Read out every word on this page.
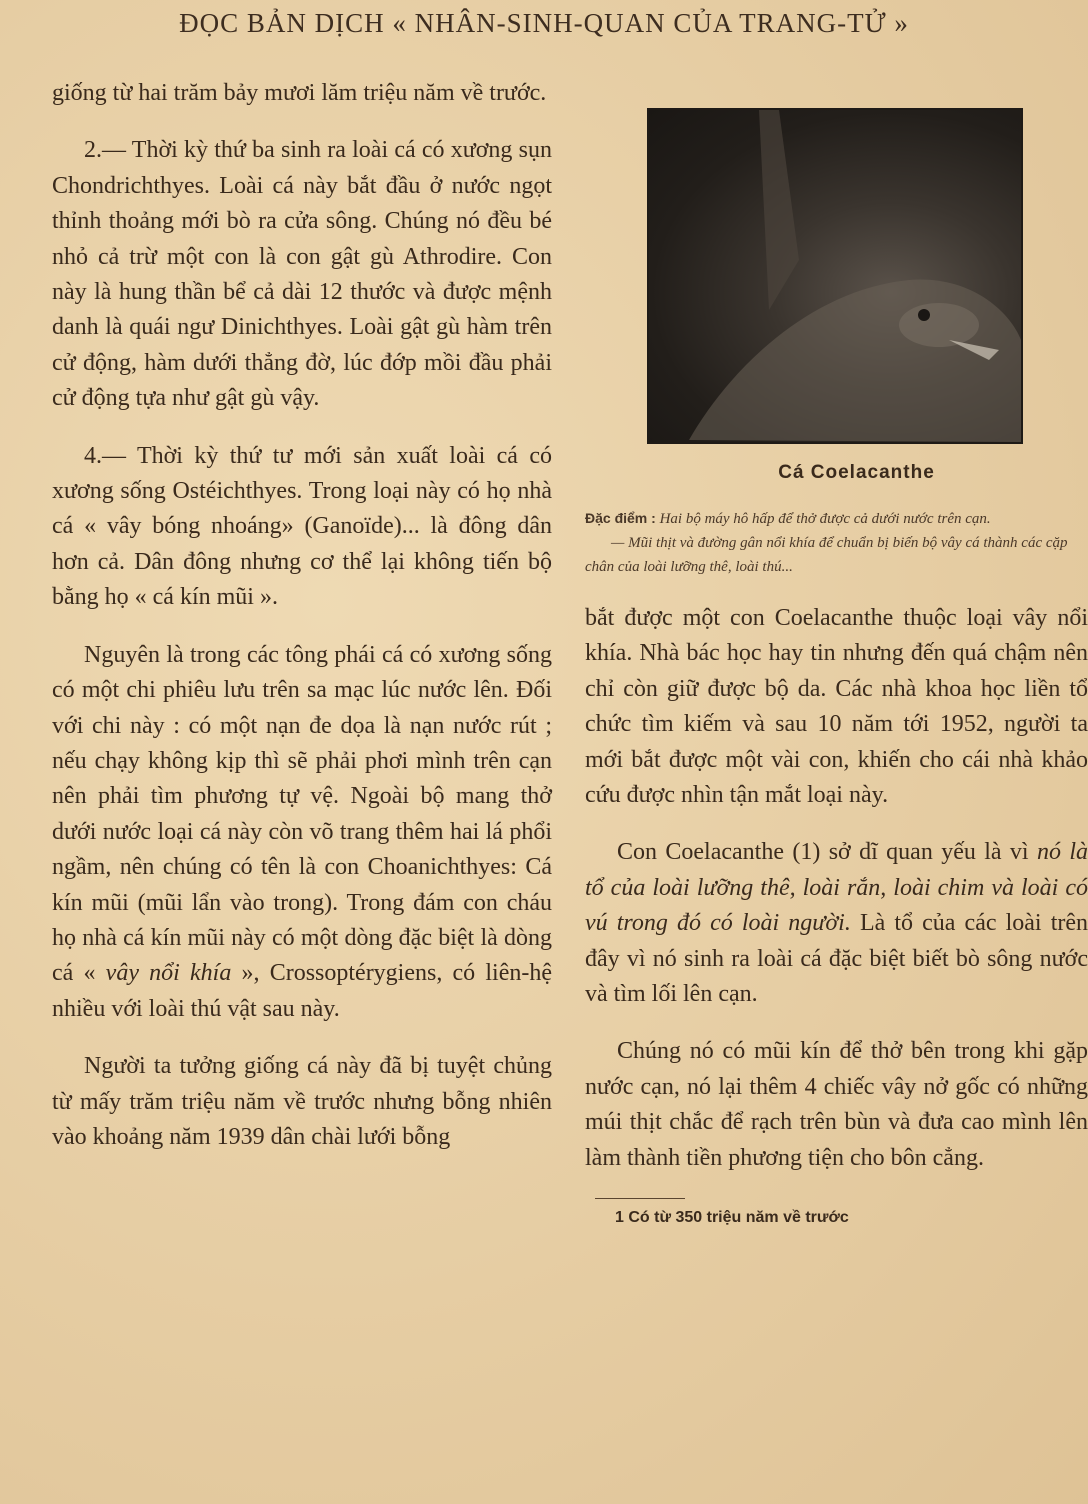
ĐỌC BẢN DỊCH « NHÂN-SINH-QUAN CỦA TRANG-TỬ »

giống từ hai trăm bảy mươi lăm triệu năm về trước.

2.— Thời kỳ thứ ba sinh ra loài cá có xương sụn Chondrichthyes. Loài cá này bắt đầu ở nước ngọt thỉnh thoảng mới bò ra cửa sông. Chúng nó đều bé nhỏ cả trừ một con là con gật gù Athrodire. Con này là hung thần bể cả dài 12 thước và được mệnh danh là quái ngư Dinichthyes. Loài gật gù hàm trên cử động, hàm dưới thẳng đờ, lúc đớp mồi đầu phải cử động tựa như gật gù vậy.

4.— Thời kỳ thứ tư mới sản xuất loài cá có xương sống Ostéichthyes. Trong loại này có họ nhà cá « vây bóng nhoáng» (Ganoïde)... là đông dân hơn cả. Dân đông nhưng cơ thể lại không tiến bộ bằng họ « cá kín mũi ».

Nguyên là trong các tông phái cá có xương sống có một chi phiêu lưu trên sa mạc lúc nước lên. Đối với chi này : có một nạn đe dọa là nạn nước rút ; nếu chạy không kịp thì sẽ phải phơi mình trên cạn nên phải tìm phương tự vệ. Ngoài bộ mang thở dưới nước loại cá này còn võ trang thêm hai lá phổi ngầm, nên chúng có tên là con Choanichthyes: Cá kín mũi (mũi lẩn vào trong). Trong đám con cháu họ nhà cá kín mũi này có một dòng đặc biệt là dòng cá « vây nổi khía », Crossoptérygiens, có liên-hệ nhiều với loài thú vật sau này.

Người ta tưởng giống cá này đã bị tuyệt chủng từ mấy trăm triệu năm về trước nhưng bỗng nhiên vào khoảng năm 1939 dân chài lưới bỗng

Cá Coelacanthe
Đặc điểm : Hai bộ máy hô hấp để thở được cả dưới nước trên cạn.
— Mũi thịt và đường gân nổi khía để chuẩn bị biến bộ vây cá thành các cặp chân của loài lưỡng thê, loài thú...

bắt được một con Coelacanthe thuộc loại vây nổi khía. Nhà bác học hay tin nhưng đến quá chậm nên chỉ còn giữ được bộ da. Các nhà khoa học liền tổ chức tìm kiếm và sau 10 năm tới 1952, người ta mới bắt được một vài con, khiến cho cái nhà khảo cứu được nhìn tận mắt loại này.

Con Coelacanthe (1) sở dĩ quan yếu là vì nó là tổ của loài lưỡng thê, loài rắn, loài chim và loài có vú trong đó có loài người. Là tổ của các loài trên đây vì nó sinh ra loài cá đặc biệt biết bò sông nước và tìm lối lên cạn.

Chúng nó có mũi kín để thở bên trong khi gặp nước cạn, nó lại thêm 4 chiếc vây nở gốc có những múi thịt chắc để rạch trên bùn và đưa cao mình lên làm thành tiền phương tiện cho bôn cẳng.

1 Có từ 350 triệu năm về trước
